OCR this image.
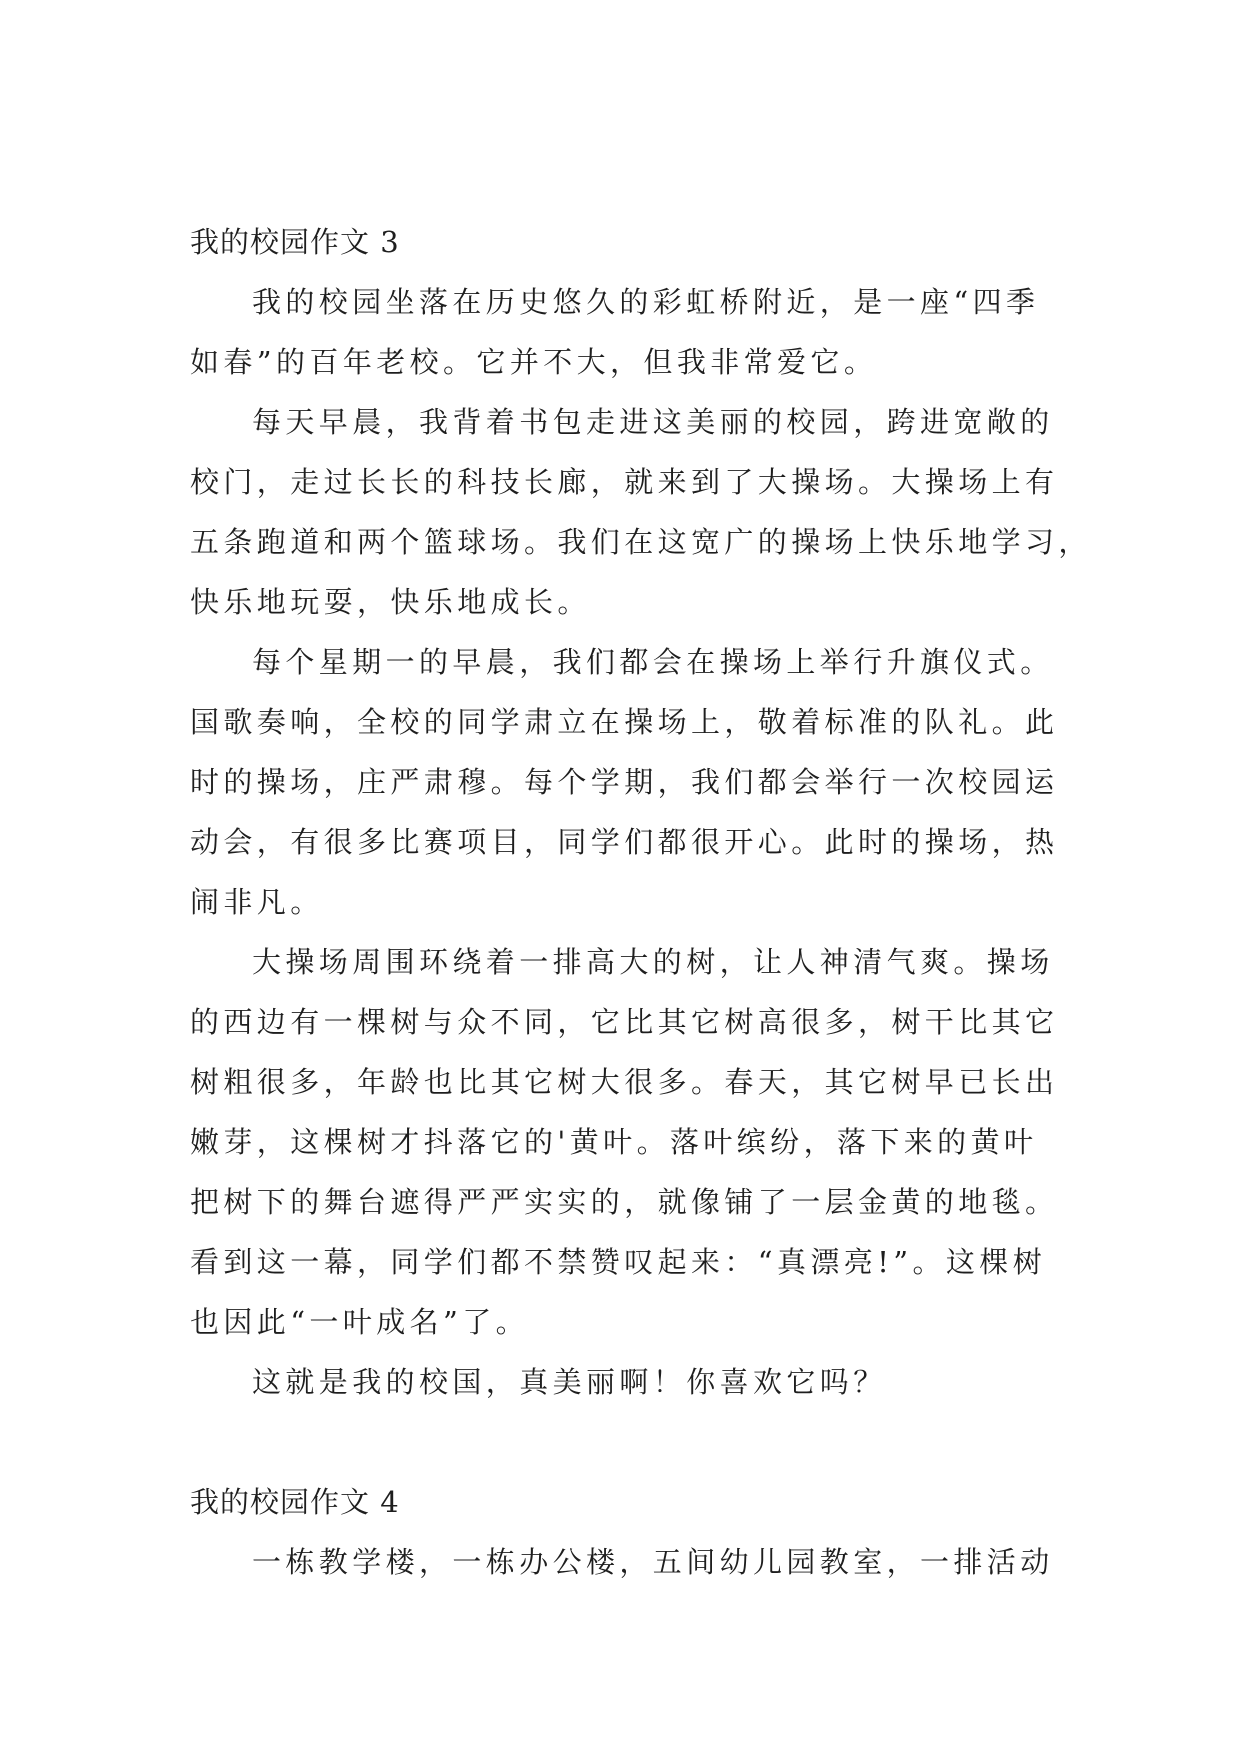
我的校园作文 3
我的校园坐落在历史悠久的彩虹桥附近，是一座“四季
如春”的百年老校。它并不大，但我非常爱它。
每天早晨，我背着书包走进这美丽的校园，跨进宽敞的
校门，走过长长的科技长廊，就来到了大操场。大操场上有
五条跑道和两个篮球场。我们在这宽广的操场上快乐地学习，
快乐地玩耍，快乐地成长。
每个星期一的早晨，我们都会在操场上举行升旗仪式。
国歌奏响，全校的同学肃立在操场上，敬着标准的队礼。此
时的操场，庄严肃穆。每个学期，我们都会举行一次校园运
动会，有很多比赛项目，同学们都很开心。此时的操场，热
闹非凡。
大操场周围环绕着一排高大的树，让人神清气爽。操场
的西边有一棵树与众不同，它比其它树高很多，树干比其它
树粗很多，年龄也比其它树大很多。春天，其它树早已长出
嫩芽，这棵树才抖落它的'黄叶。落叶缤纷，落下来的黄叶
把树下的舞台遮得严严实实的，就像铺了一层金黄的地毯。
看到这一幕，同学们都不禁赞叹起来：“真漂亮!”。这棵树
也因此“一叶成名”了。
这就是我的校国，真美丽啊！你喜欢它吗？
我的校园作文 4
一栋教学楼，一栋办公楼，五间幼儿园教室，一排活动
